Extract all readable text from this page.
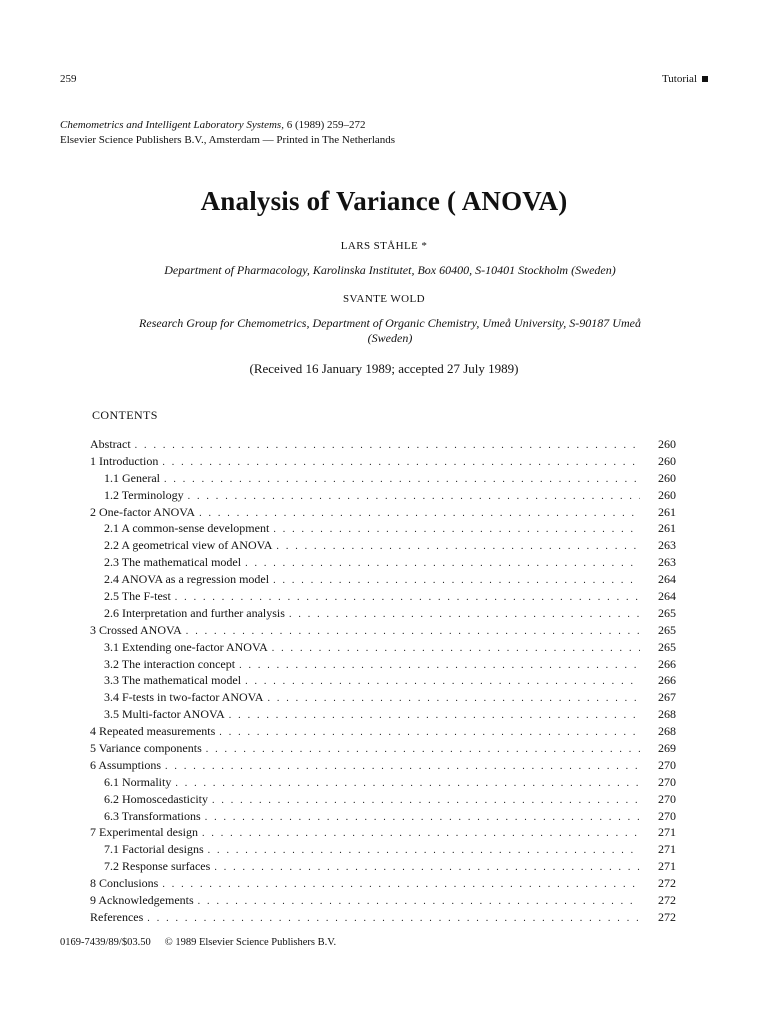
259	Tutorial
Chemometrics and Intelligent Laboratory Systems, 6 (1989) 259–272
Elsevier Science Publishers B.V., Amsterdam — Printed in The Netherlands
Analysis of Variance ( ANOVA)
LARS STÅHLE *
Department of Pharmacology, Karolinska Institutet, Box 60400, S-10401 Stockholm (Sweden)
SVANTE WOLD
Research Group for Chemometrics, Department of Organic Chemistry, Umeå University, S-90187 Umeå
(Sweden)
(Received 16 January 1989; accepted 27 July 1989)
CONTENTS
Abstract . . .	260
1 Introduction . . .	260
1.1 General . . .	260
1.2 Terminology . . .	260
2 One-factor ANOVA . . .	261
2.1 A common-sense development . . .	261
2.2 A geometrical view of ANOVA . . .	263
2.3 The mathematical model . . .	263
2.4 ANOVA as a regression model . . .	264
2.5 The F-test . . .	264
2.6 Interpretation and further analysis . . .	265
3 Crossed ANOVA . . .	265
3.1 Extending one-factor ANOVA . . .	265
3.2 The interaction concept . . .	266
3.3 The mathematical model . . .	266
3.4 F-tests in two-factor ANOVA . . .	267
3.5 Multi-factor ANOVA . . .	268
4 Repeated measurements . . .	268
5 Variance components . . .	269
6 Assumptions . . .	270
6.1 Normality . . .	270
6.2 Homoscedasticity . . .	270
6.3 Transformations . . .	270
7 Experimental design . . .	271
7.1 Factorial designs . . .	271
7.2 Response surfaces . . .	271
8 Conclusions . . .	272
9 Acknowledgements . . .	272
References . . .	272
0169-7439/89/$03.50 © 1989 Elsevier Science Publishers B.V.
